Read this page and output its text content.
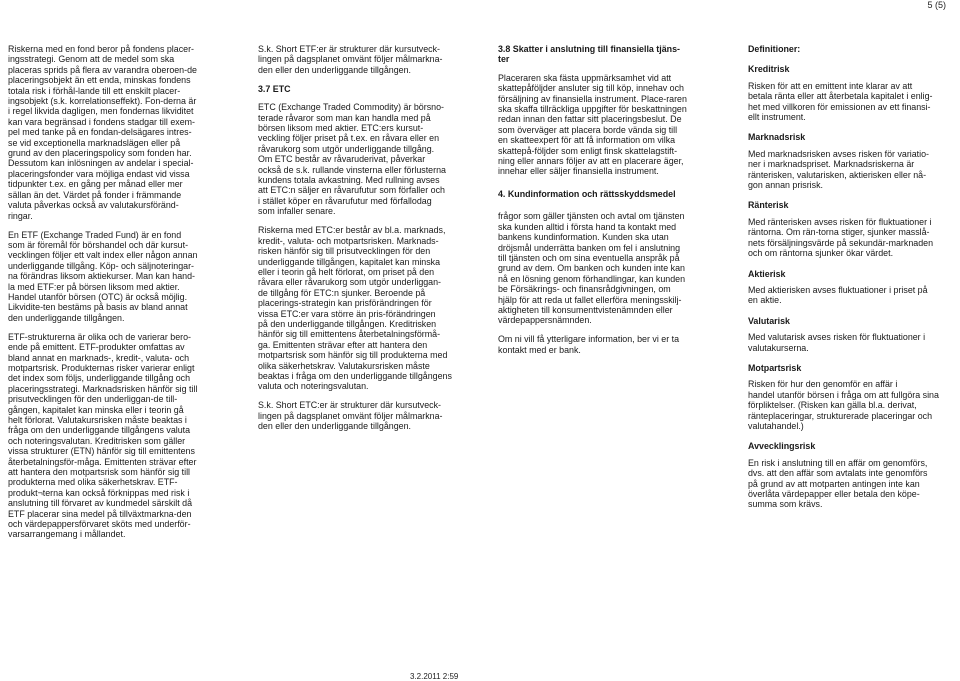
5 (5)

Riskerna med en fond beror på fondens placer-
ingsstrategi. Genom att de medel som ska
placeras sprids på flera av varandra oberoen-de
placeringsobjekt än ett enda, minskas fondens
totala risk i förhål-lande till ett enskilt placer-
ingsobjekt (s.k. korrelationseffekt). Fon-derna är
i regel likvida dagligen, men fondernas likviditet
kan vara begränsad i fondens stadgar till exem-
pel med tanke på en fondan-delsägares intres-
se vid exceptionella marknadslägen eller på
grund av den placeringspolicy som fonden har.
Dessutom kan inlösningen av andelar i special-
placeringsfonder vara möjliga endast vid vissa
tidpunkter t.ex. en gång per månad eller mer
sällan än det. Värdet på fonder i främmande
valuta påverkas också av valutakursföränd-
ringar.

En ETF (Exchange Traded Fund) är en fond
som är föremål för börshandel och där kursut-
vecklingen följer ett valt index eller någon annan
underliggande tillgång. Köp- och säljnoteringar-
na förändras liksom aktiekurser. Man kan hand-
la med ETF:er på börsen liksom med aktier.
Handel utanför börsen (OTC) är också möjlig.
Likvidite-ten bestäms på basis av bland annat
den underliggande tillgången.

ETF-strukturerna är olika och de varierar bero-
ende på emittent. ETF-produkter omfattas av
bland annat en marknads-, kredit-, valuta- och
motpartsrisk. Produkternas risker varierar enligt
det index som följs, underliggande tillgång och
placeringsstrategi. Marknadsrisken hänför sig till
prisutvecklingen för den underliggan-de till-
gången, kapitalet kan minska eller i teorin gå
helt förlorat. Valutakursrisken måste beaktas i
fråga om den underliggande tillgångens valuta
och noteringsvalutan. Kreditrisken som gäller
vissa strukturer (ETN) hänför sig till emittentens
återbetalningsför-måga. Emittenten strävar efter
att hantera den motpartsrisk som hänför sig till
produkterna med olika säkerhetskrav. ETF-
produkt¬terna kan också förknippas med risk i
anslutning till förvaret av kundmedel särskilt då
ETF placerar sina medel på tillväxtmarkna-den
och värdepappersförvaret sköts med underför-
varsarrangemang i mållandet.

S.k. Short ETF:er är strukturer där kursutveck-
lingen på dagsplanet omvänt följer målmarkna-
den eller den underliggande tillgången.

3.7 ETC

ETC (Exchange Traded Commodity) är börsno-
terade råvaror som man kan handla med på
börsen liksom med aktier. ETC:ers kursut-
veckling följer priset på t.ex. en råvara eller en
råvarukorg som utgör underliggande tillgång.
Om ETC består av råvaruderivat, påverkar
också de s.k. rullande vinsterna eller förlusterna
kundens totala avkastning. Med rullning avses
att ETC:n säljer en råvarufutur som förfaller och
i stället köper en råvarufutur med förfallodag
som infaller senare.

Riskerna med ETC:er består av bl.a. marknads,
kredit-, valuta- och motpartsrisken. Marknads-
risken hänför sig till prisutvecklingen för den
underliggande tillgången, kapitalet kan minska
eller i teorin gå helt förlorat, om priset på den
råvara eller råvarukorg som utgör underliggan-
de tillgång för ETC:n sjunker. Beroende på
placerings-strategin kan prisförändringen för
vissa ETC:er vara större än pris-förändringen
på den underliggande tillgången. Kreditrisken
hänför sig till emittentens återbetalningsförmå-
ga. Emittenten strävar efter att hantera den
motpartsrisk som hänför sig till produkterna med
olika säkerhetskrav. Valutakursrisken måste
beaktas i fråga om den underliggande tillgångens
valuta och noteringsvalutan.

S.k. Short ETC:er är strukturer där kursutveck-
lingen på dagsplanet omvänt följer målmarkna-
den eller den underliggande tillgången.

3.8 Skatter i anslutning till finansiella tjäns-
ter

Placeraren ska fästa uppmärksamhet vid att
skattepåföljder ansluter sig till köp, innehav och
försäljning av finansiella instrument. Place-raren
ska skaffa tillräckliga uppgifter för beskattningen
redan innan den fattar sitt placeringsbeslut. De
som överväger att placera borde vända sig till
en skatteexpert för att få information om vilka
skattepå-följder som enligt finsk skattelagstift-
ning eller annars följer av att en placerare äger,
innehar eller säljer finansiella instrument.

4. Kundinformation och rättsskyddsmedel

frågor som gäller tjänsten och avtal om tjänsten
ska kunden alltid i första hand ta kontakt med
bankens kundinformation. Kunden ska utan
dröjsmål underrätta banken om fel i anslutning
till tjänsten och om sina eventuella anspråk på
grund av dem. Om banken och kunden inte kan
nå en lösning genom förhandlingar, kan kunden
be Försäkrings- och finansrådgivningen, om
hjälp för att reda ut fallet ellerföra meningsskilj-
aktigheten till konsumenttvistenämnden eller
värdepappersnämnden.

Om ni vill få ytterligare information, ber vi er ta
kontakt med er bank.

Definitioner:
Kreditrisk
Risken för att en emittent inte klarar av att
betala ränta eller att återbetala kapitalet i enlig-
het med villkoren för emissionen av ett finansi-
ellt instrument.
Marknadsrisk
Med marknadsrisken avses risken för variatio-
ner i marknadspriset. Marknadsriskerna är
ränterisken, valutarisken, aktierisken eller nå-
gon annan prisrisk.
Ränterisk
Med ränterisken avses risken för fluktuationer i
räntorna. Om rän-torna stiger, sjunker masslå-
nets försäljningsvärde på sekundär-marknaden
och om räntorna sjunker ökar värdet.
Aktierisk
Med aktierisken avses fluktuationer i priset på
en aktie.
Valutarisk
Med valutarisk avses risken för fluktuationer i
valutakurserna.
Motpartsrisk
Risken för hur den genomför en affär i
handel utanför börsen i fråga om att fullgöra sina
förpliktelser. (Risken kan gälla bl.a. derivat,
ränteplaceringar, strukturerade placeringar och
valutahandel.)
Avvecklingsrisk
En risk i anslutning till en affär om genomförs,
dvs. att den affär som avtalats inte genomförs
på grund av att motparten antingen inte kan
överlåta värdepapper eller betala den köpe-
summa som krävs.
3.2.2011 2:59
